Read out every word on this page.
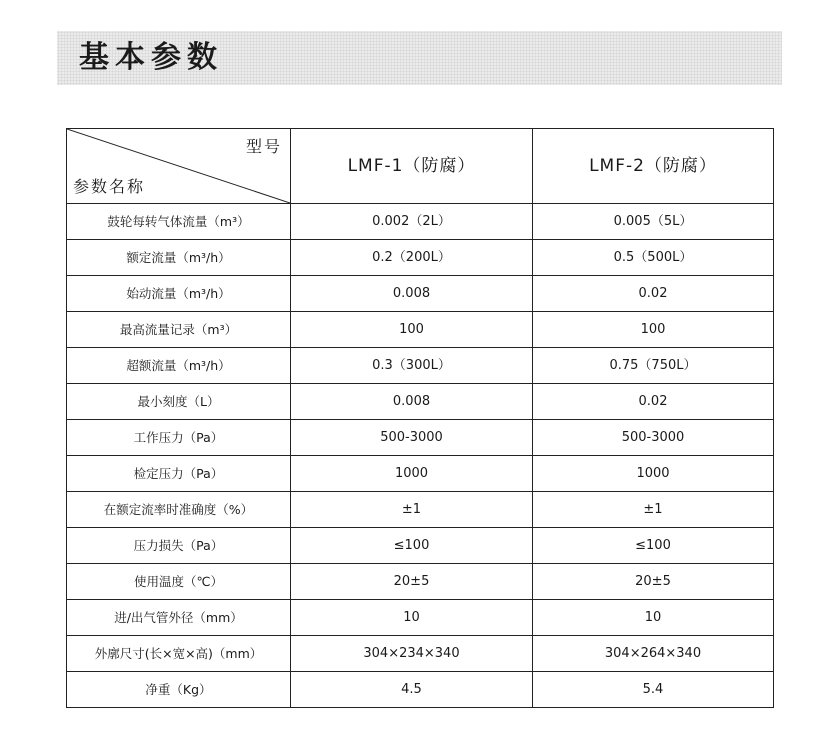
基本参数
型号
参数名称	LMF-1（防腐）	LMF-2（防腐）
鼓轮每转气体流量（m³）	0.002（2L）	0.005（5L）
额定流量（m³/h）	0.2（200L）	0.5（500L）
始动流量（m³/h）	0.008	0.02
最高流量记录（m³）	100	100
超额流量（m³/h）	0.3（300L）	0.75（750L）
最小刻度（L）	0.008	0.02
工作压力（Pa）	500-3000	500-3000
检定压力（Pa）	1000	1000
在额定流率时准确度（%）	±1	±1
压力损失（Pa）	≤100	≤100
使用温度（℃）	20±5	20±5
进/出气管外径（mm）	10	10
外廓尺寸(长×宽×高)（mm）	304×234×340	304×264×340
净重（Kg）	4.5	5.4
